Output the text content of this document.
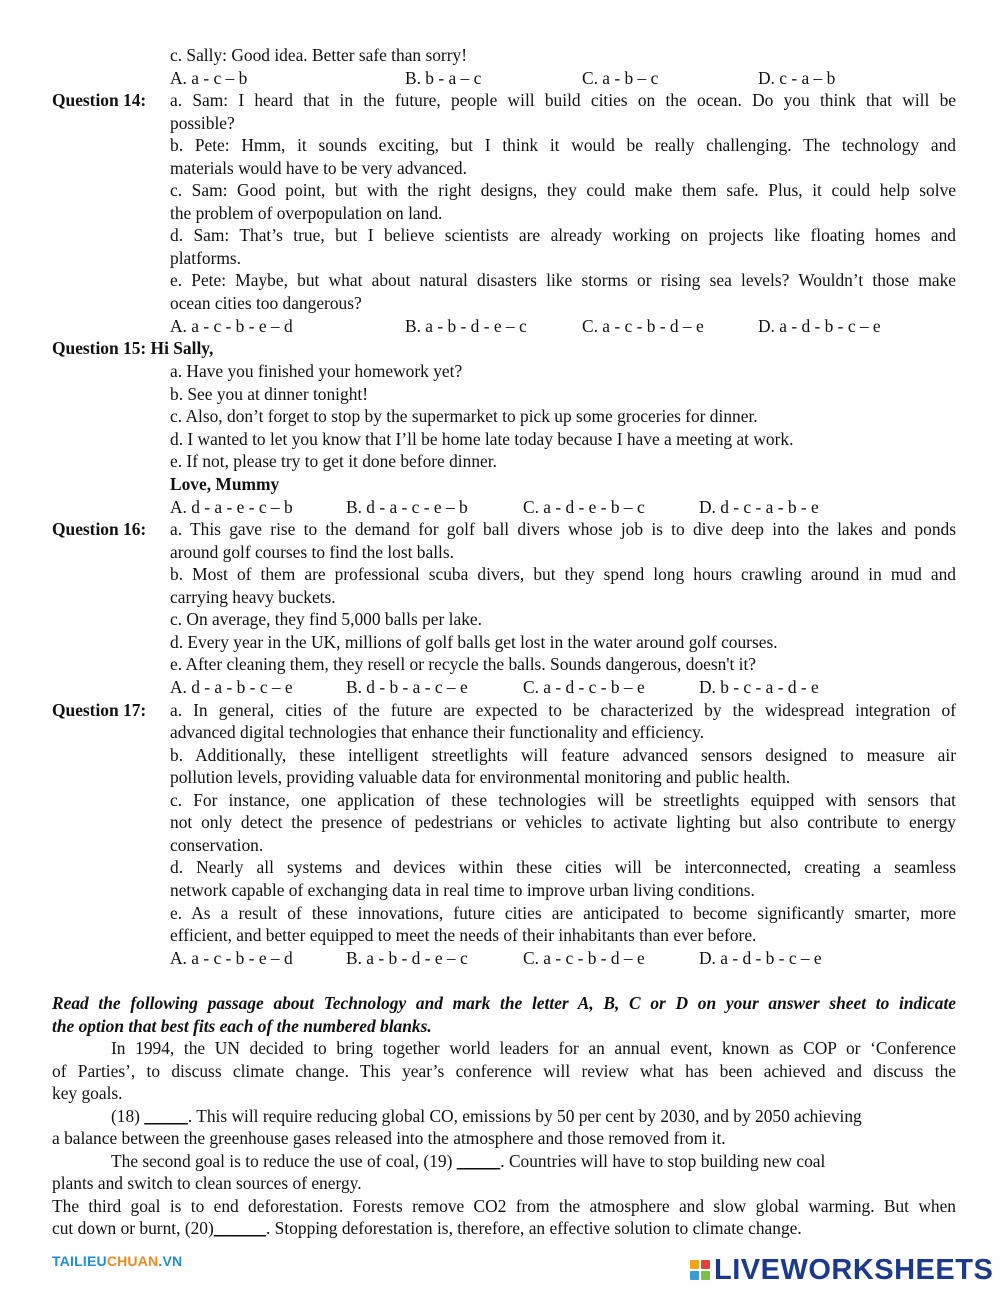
c. Sally: Good idea. Better safe than sorry!
A. a - c – b	B. b - a – c	C. a - b – c	D. c - a – b
Question 14: a. Sam: I heard that in the future, people will build cities on the ocean. Do you think that will be
possible?
b. Pete: Hmm, it sounds exciting, but I think it would be really challenging. The technology and
materials would have to be very advanced.
c. Sam: Good point, but with the right designs, they could make them safe. Plus, it could help solve
the problem of overpopulation on land.
d. Sam: That’s true, but I believe scientists are already working on projects like floating homes and
platforms.
e. Pete: Maybe, but what about natural disasters like storms or rising sea levels? Wouldn’t those make
ocean cities too dangerous?
A. a - c - b - e – d	B. a - b - d - e – c	C. a - c - b - d – e	D. a - d - b - c – e
Question 15: Hi Sally,
a. Have you finished your homework yet?
b. See you at dinner tonight!
c. Also, don’t forget to stop by the supermarket to pick up some groceries for dinner.
d. I wanted to let you know that I’ll be home late today because I have a meeting at work.
e. If not, please try to get it done before dinner.
Love, Mummy
A. d - a - e - c – b	B. d - a - c - e – b	C. a - d - e - b – c	D. d - c - a - b - e
Question 16: a. This gave rise to the demand for golf ball divers whose job is to dive deep into the lakes and ponds
around golf courses to find the lost balls.
b. Most of them are professional scuba divers, but they spend long hours crawling around in mud and
carrying heavy buckets.
c. On average, they find 5,000 balls per lake.
d. Every year in the UK, millions of golf balls get lost in the water around golf courses.
e. After cleaning them, they resell or recycle the balls. Sounds dangerous, doesn't it?
A. d - a - b - c – e	B. d - b - a - c – e	C. a - d - c - b – e	D. b - c - a - d - e
Question 17: a. In general, cities of the future are expected to be characterized by the widespread integration of
advanced digital technologies that enhance their functionality and efficiency.
b. Additionally, these intelligent streetlights will feature advanced sensors designed to measure air
pollution levels, providing valuable data for environmental monitoring and public health.
c. For instance, one application of these technologies will be streetlights equipped with sensors that
not only detect the presence of pedestrians or vehicles to activate lighting but also contribute to energy
conservation.
d. Nearly all systems and devices within these cities will be interconnected, creating a seamless
network capable of exchanging data in real time to improve urban living conditions.
e. As a result of these innovations, future cities are anticipated to become significantly smarter, more
efficient, and better equipped to meet the needs of their inhabitants than ever before.
A. a - c - b - e – d	B. a - b - d - e – c	C. a - c - b - d – e	D. a - d - b - c – e
Read the following passage about Technology and mark the letter A, B, C or D on your answer sheet to indicate
the option that best fits each of the numbered blanks.
In 1994, the UN decided to bring together world leaders for an annual event, known as COP or ‘Conference
of Parties’, to discuss climate change. This year’s conference will review what has been achieved and discuss the
key goals.
(18) _____. This will require reducing global CO, emissions by 50 per cent by 2030, and by 2050 achieving
a balance between the greenhouse gases released into the atmosphere and those removed from it.
The second goal is to reduce the use of coal, (19) _____. Countries will have to stop building new coal
plants and switch to clean sources of energy.
The third goal is to end deforestation. Forests remove CO2 from the atmosphere and slow global warming. But when
cut down or burnt, (20)______. Stopping deforestation is, therefore, an effective solution to climate change.
TAILIEUCHUAN.VN	LIVEWORKSHEETS
